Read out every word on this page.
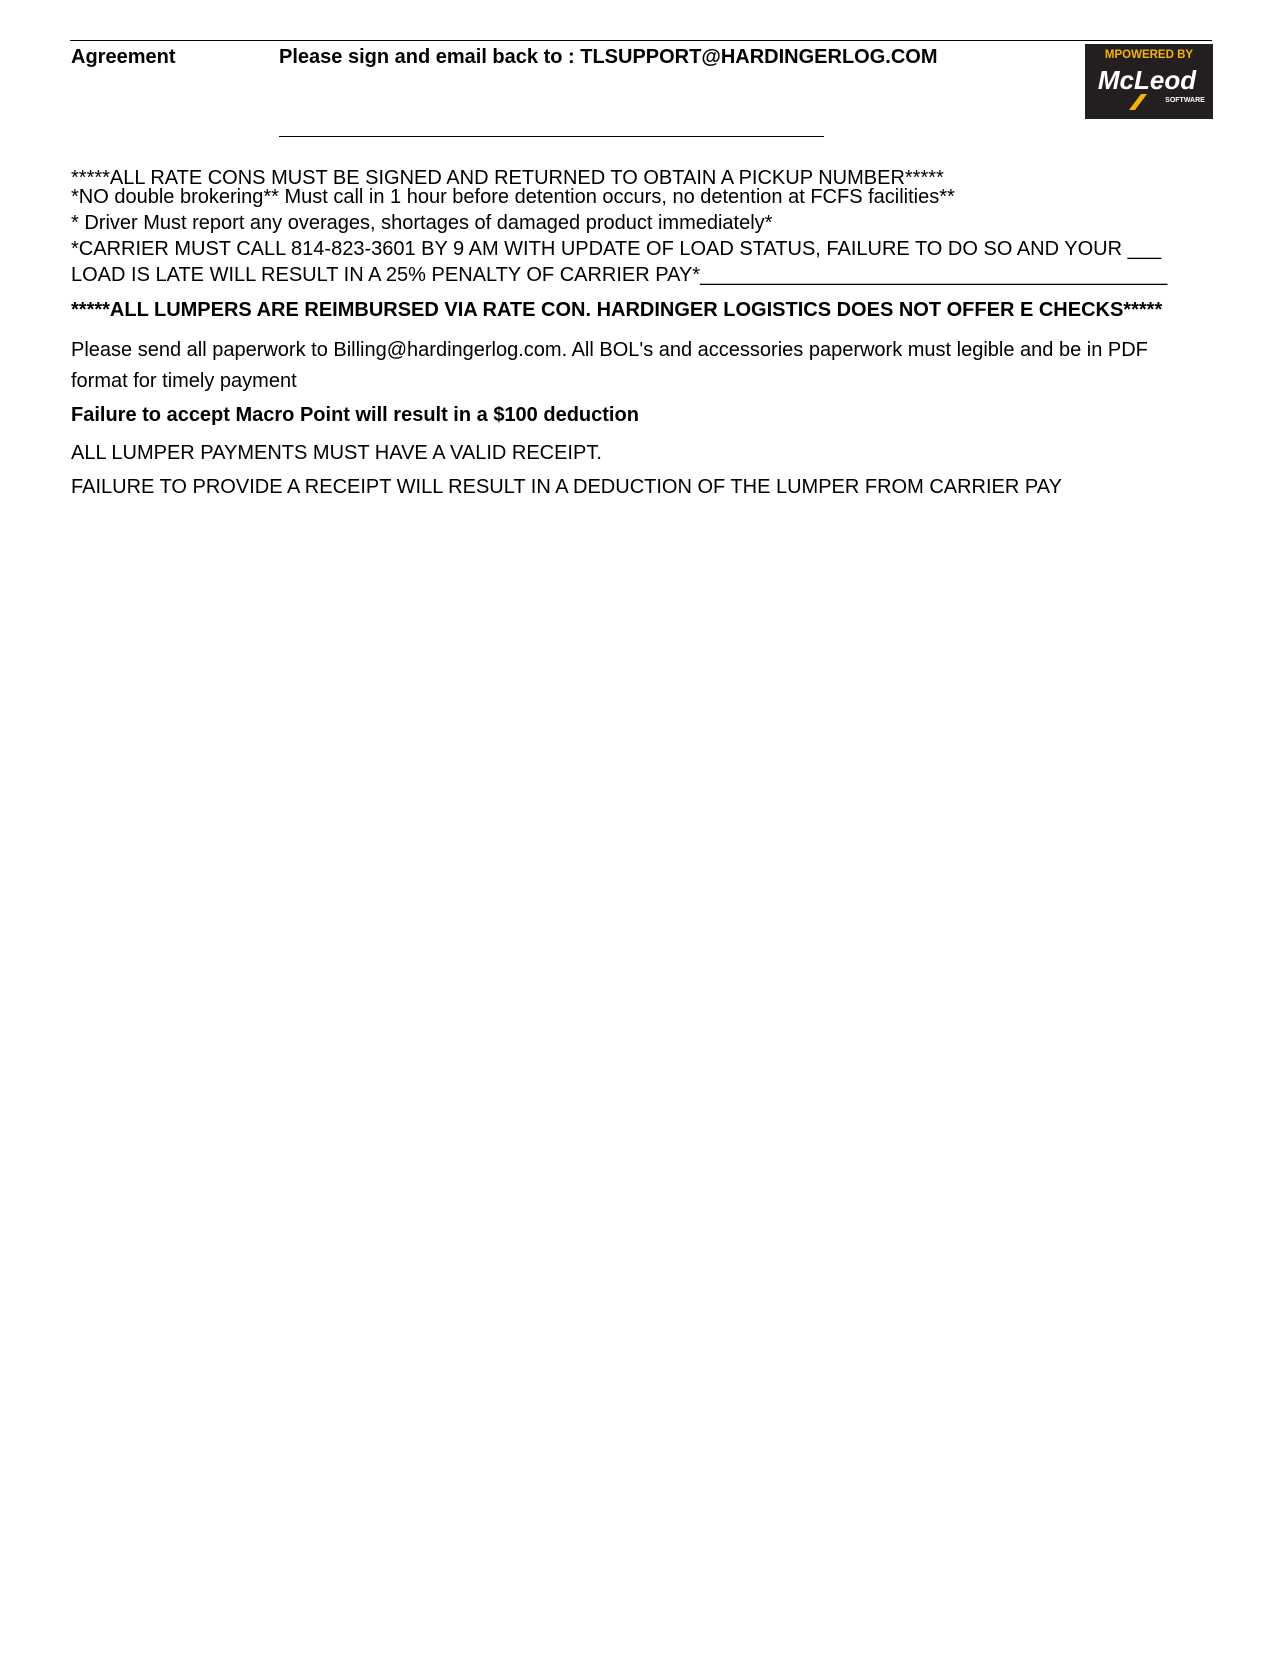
Agreement	Please sign and email back to : TLSUPPORT@HARDINGERLOG.COM	MPOWERED BY
McLeod
SOFTWARE
*****ALL RATE CONS MUST BE SIGNED AND RETURNED TO OBTAIN A PICKUP NUMBER*****
*NO double brokering** Must call in 1 hour before detention occurs, no detention at FCFS facilities**
* Driver Must report any overages, shortages of damaged product immediately*
*CARRIER MUST CALL 814-823-3601 BY 9 AM WITH UPDATE OF LOAD STATUS, FAILURE TO DO SO AND YOUR ___
LOAD IS LATE WILL RESULT IN A 25% PENALTY OF CARRIER PAY*__________________________________________
*****ALL LUMPERS ARE REIMBURSED VIA RATE CON. HARDINGER LOGISTICS DOES NOT OFFER E CHECKS*****
Please send all paperwork to Billing@hardingerlog.com. All BOL's and accessories paperwork must legible and be in PDF
format for timely payment
Failure to accept Macro Point will result in a $100 deduction
ALL LUMPER PAYMENTS MUST HAVE A VALID RECEIPT.
FAILURE TO PROVIDE A RECEIPT WILL RESULT IN A DEDUCTION OF THE LUMPER FROM CARRIER PAY
